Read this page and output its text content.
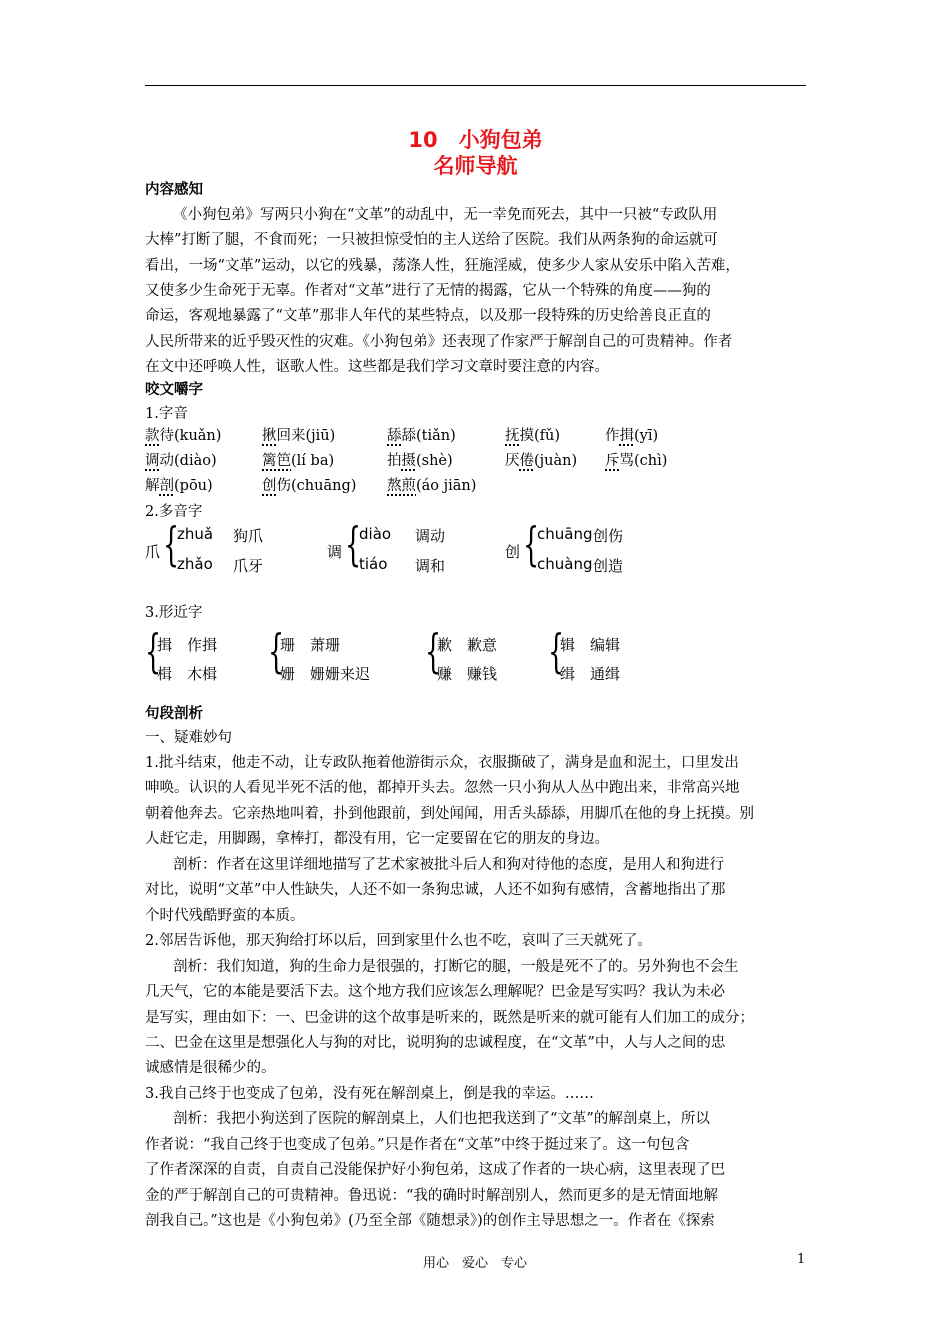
10　小狗包弟
名师导航
内容感知
《小狗包弟》写两只小狗在“文革”的动乱中，无一幸免而死去，其中一只被“专政队用
大棒”打断了腿，不食而死；一只被担惊受怕的主人送给了医院。我们从两条狗的命运就可
看出，一场“文革”运动，以它的残暴，荡涤人性，狂施淫威，使多少人家从安乐中陷入苦难，
又使多少生命死于无辜。作者对“文革”进行了无情的揭露，它从一个特殊的角度——狗的
命运，客观地暴露了“文革”那非人年代的某些特点，以及那一段特殊的历史给善良正直的
人民所带来的近乎毁灭性的灾难。《小狗包弟》还表现了作家严于解剖自己的可贵精神。作者
在文中还呼唤人性，讴歌人性。这些都是我们学习文章时要注意的内容。
咬文嚼字
1.字音
款待(kuǎn)	揪回来(jiū)	舔舔(tiǎn)	抚摸(fǔ)	作揖(yī)
调动(diào)	篱笆(lí ba)	拍摄(shè)	厌倦(juàn) 斥骂(chì)
解剖(pōu)	创伤(chuāng) 熬煎(áo jiān)
2.多音字
爪 {
zhuǎ 狗爪
zhǎo 爪牙
调 {
diào 调动
tiáo 调和
创 {
chuāng 创伤
chuàng 创造
3.形近字
{
揖 作揖
楫 木楫 {
珊 萧珊
姗 姗姗来迟 {
歉 歉意
赚 赚钱 {
辑 编辑
缉 通缉
句段剖析
一、疑难妙句
1.批斗结束，他走不动，让专政队拖着他游街示众，衣服撕破了，满身是血和泥土，口里发出
呻唤。认识的人看见半死不活的他，都掉开头去。忽然一只小狗从人丛中跑出来，非常高兴地
朝着他奔去。它亲热地叫着，扑到他跟前，到处闻闻，用舌头舔舔，用脚爪在他的身上抚摸。别
人赶它走，用脚踢，拿棒打，都没有用，它一定要留在它的朋友的身边。
剖析：作者在这里详细地描写了艺术家被批斗后人和狗对待他的态度，是用人和狗进行
对比，说明“文革”中人性缺失，人还不如一条狗忠诚，人还不如狗有感情，含蓄地指出了那
个时代残酷野蛮的本质。
2.邻居告诉他，那天狗给打坏以后，回到家里什么也不吃，哀叫了三天就死了。
剖析：我们知道，狗的生命力是很强的，打断它的腿，一般是死不了的。另外狗也不会生
几天气，它的本能是要活下去。这个地方我们应该怎么理解呢？巴金是写实吗？我认为未必
是写实，理由如下：一、巴金讲的这个故事是听来的，既然是听来的就可能有人们加工的成分；
二、巴金在这里是想强化人与狗的对比，说明狗的忠诚程度，在“文革”中，人与人之间的忠
诚感情是很稀少的。
3.我自己终于也变成了包弟，没有死在解剖桌上，倒是我的幸运。……
剖析：我把小狗送到了医院的解剖桌上，人们也把我送到了“文革”的解剖桌上，所以
作者说：“我自己终于也变成了包弟。”只是作者在“文革”中终于挺过来了。这一句包含
了作者深深的自责，自责自己没能保护好小狗包弟，这成了作者的一块心病，这里表现了巴
金的严于解剖自己的可贵精神。鲁迅说：“我的确时时解剖别人，然而更多的是无情面地解
剖我自己。”这也是《小狗包弟》(乃至全部《随想录》)的创作主导思想之一。作者在《探索
用心　爱心　专心	1
